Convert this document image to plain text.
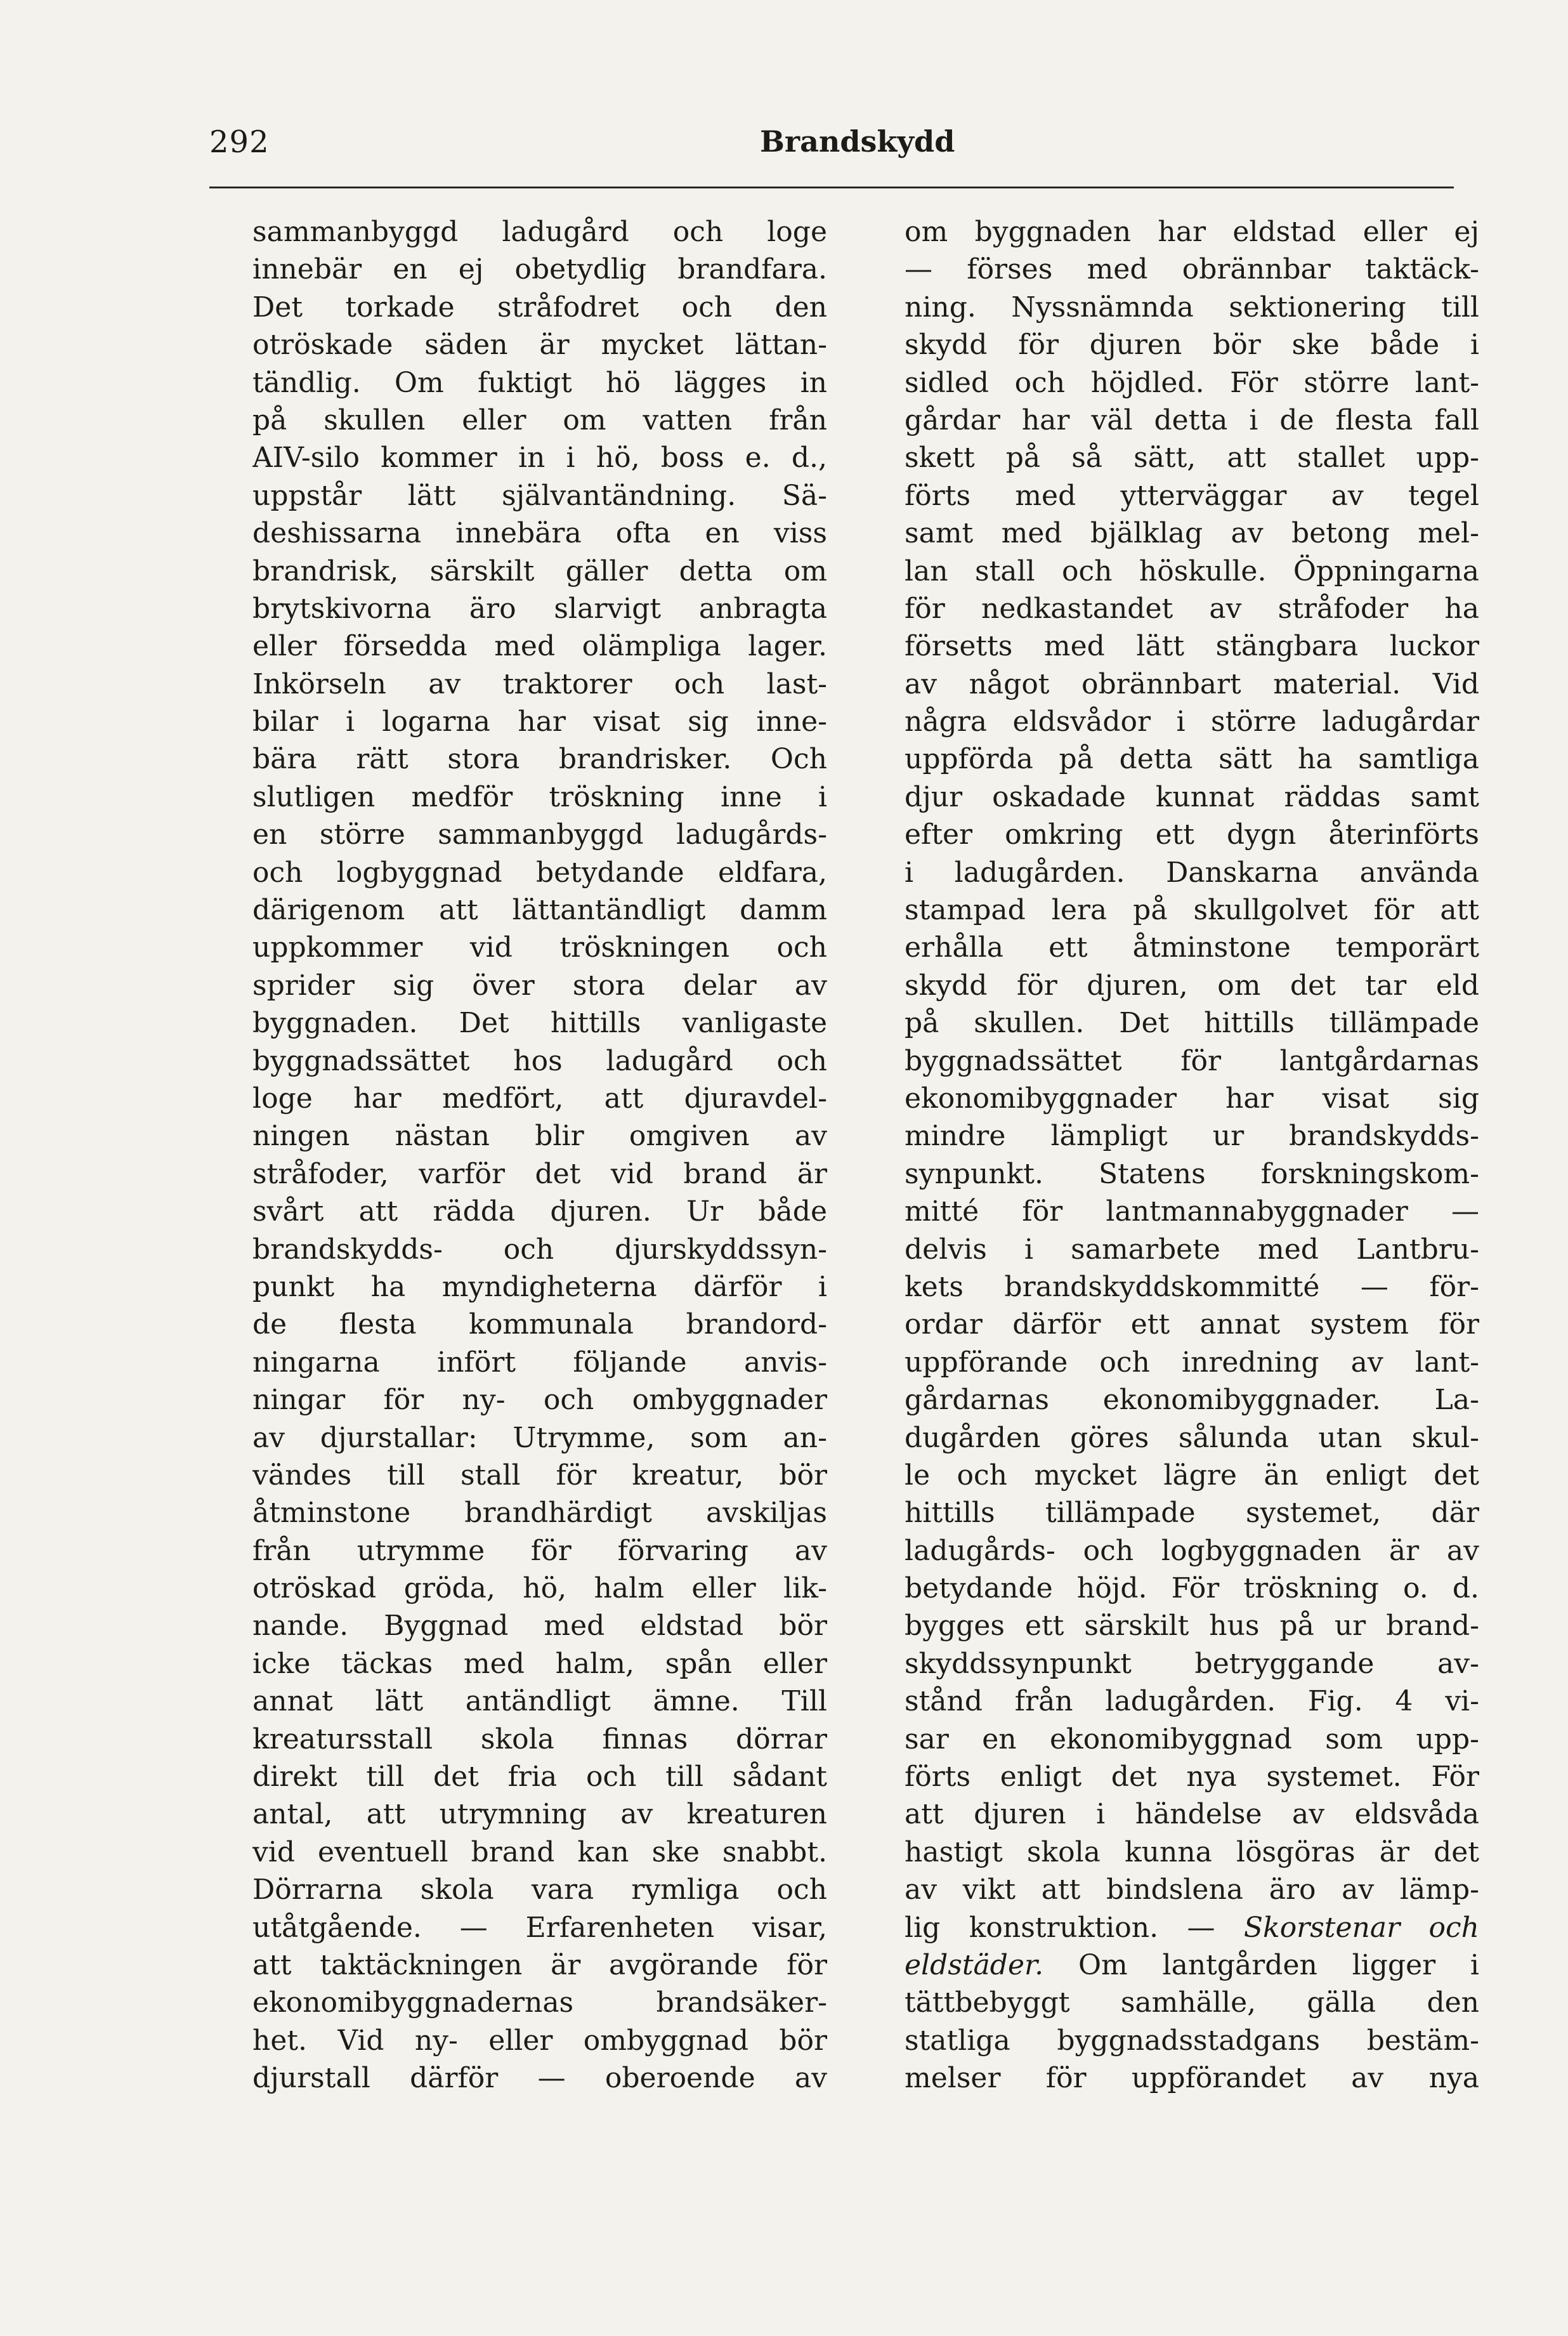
292	Brandskydd
sammanbyggd ladugård och loge
innebär en ej obetydlig brandfara.
Det torkade stråfodret och den
otröskade säden är mycket lättan-
tändlig. Om fuktigt hö lägges in
på skullen eller om vatten från
AIV-silo kommer in i hö, boss e. d.,
uppstår lätt självantändning. Sä-
deshissarna innebära ofta en viss
brandrisk, särskilt gäller detta om
brytskivorna äro slarvigt anbragta
eller försedda med olämpliga lager.
Inkörseln av traktorer och last-
bilar i logarna har visat sig inne-
bära rätt stora brandrisker. Och
slutligen medför tröskning inne i
en större sammanbyggd ladugårds-
och logbyggnad betydande eldfara,
därigenom att lättantändligt damm
uppkommer vid tröskningen och
sprider sig över stora delar av
byggnaden. Det hittills vanligaste
byggnadssättet hos ladugård och
loge har medfört, att djuravdel-
ningen nästan blir omgiven av
stråfoder, varför det vid brand är
svårt att rädda djuren. Ur både
brandskydds- och djurskyddssyn-
punkt ha myndigheterna därför i
de flesta kommunala brandord-
ningarna infört följande anvis-
ningar för ny- och ombyggnader
av djurstallar: Utrymme, som an-
vändes till stall för kreatur, bör
åtminstone brandhärdigt avskiljas
från utrymme för förvaring av
otröskad gröda, hö, halm eller lik-
nande. Byggnad med eldstad bör
icke täckas med halm, spån eller
annat lätt antändligt ämne. Till
kreatursstall skola finnas dörrar
direkt till det fria och till sådant
antal, att utrymning av kreaturen
vid eventuell brand kan ske snabbt.
Dörrarna skola vara rymliga och
utåtgående. — Erfarenheten visar,
att taktäckningen är avgörande för
ekonomibyggnadernas brandsäker-
het. Vid ny- eller ombyggnad bör
djurstall därför — oberoende av
om byggnaden har eldstad eller ej
— förses med obrännbar taktäck-
ning. Nyssnämnda sektionering till
skydd för djuren bör ske både i
sidled och höjdled. För större lant-
gårdar har väl detta i de flesta fall
skett på så sätt, att stallet upp-
förts med ytterväggar av tegel
samt med bjälklag av betong mel-
lan stall och höskulle. Öppningarna
för nedkastandet av stråfoder ha
försetts med lätt stängbara luckor
av något obrännbart material. Vid
några eldsvådor i större ladugårdar
uppförda på detta sätt ha samtliga
djur oskadade kunnat räddas samt
efter omkring ett dygn återinförts
i ladugården. Danskarna använda
stampad lera på skullgolvet för att
erhålla ett åtminstone temporärt
skydd för djuren, om det tar eld
på skullen. Det hittills tillämpade
byggnadssättet för lantgårdarnas
ekonomibyggnader har visat sig
mindre lämpligt ur brandskydds-
synpunkt. Statens forskningskom-
mitté för lantmannabyggnader —
delvis i samarbete med Lantbru-
kets brandskyddskommitté — för-
ordar därför ett annat system för
uppförande och inredning av lant-
gårdarnas ekonomibyggnader. La-
dugården göres sålunda utan skul-
le och mycket lägre än enligt det
hittills tillämpade systemet, där
ladugårds- och logbyggnaden är av
betydande höjd. För tröskning o. d.
bygges ett särskilt hus på ur brand-
skyddssynpunkt betryggande av-
stånd från ladugården. Fig. 4 vi-
sar en ekonomibyggnad som upp-
förts enligt det nya systemet. För
att djuren i händelse av eldsvåda
hastigt skola kunna lösgöras är det
av vikt att bindslena äro av lämp-
lig konstruktion. — Skorstenar och
eldstäder. Om lantgården ligger i
tättbebyggt samhälle, gälla den
statliga byggnadsstadgans bestäm-
melser för uppförandet av nya
